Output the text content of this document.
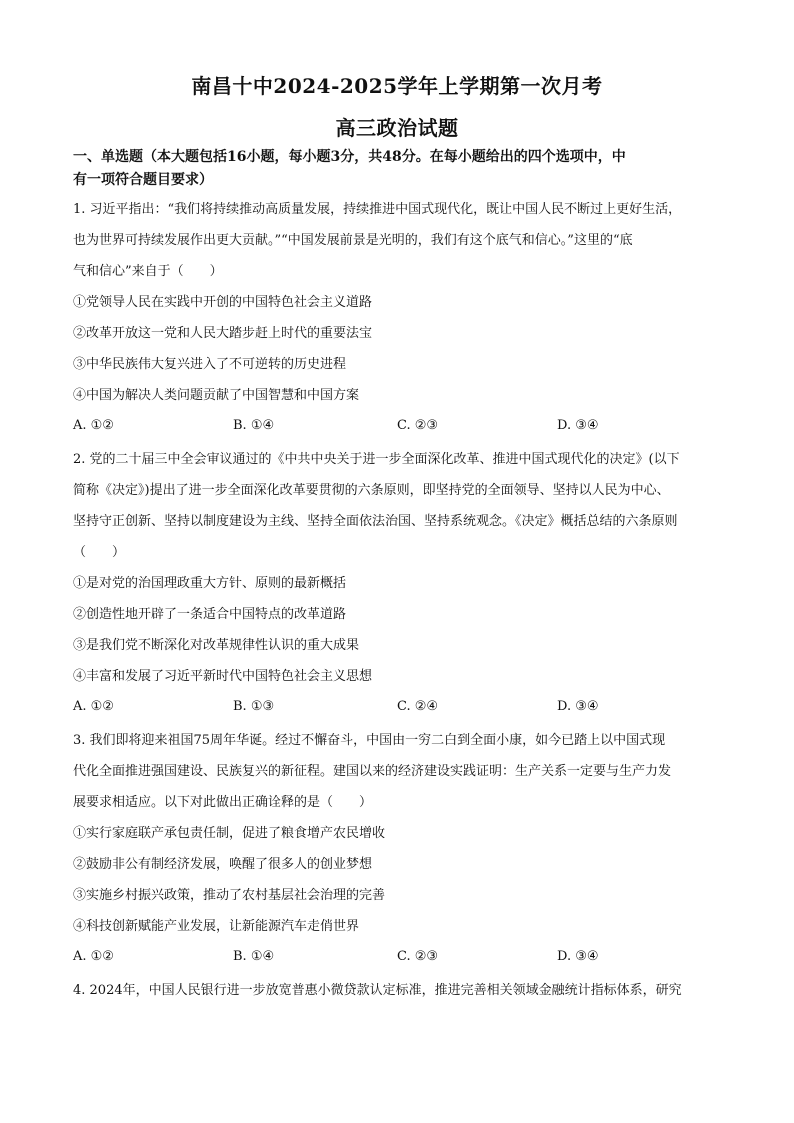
南昌十中2024-2025学年上学期第一次月考
高三政治试题
一、单选题（本大题包括16小题，每小题3分，共48分。在每小题给出的四个选项中，中
有一项符合题目要求）
1. 习近平指出：“我们将持续推动高质量发展，持续推进中国式现代化，既让中国人民不断过上更好生活，
也为世界可持续发展作出更大贡献。”“中国发展前景是光明的，我们有这个底气和信心。”这里的“底
气和信心”来自于（　　）
①党领导人民在实践中开创的中国特色社会主义道路
②改革开放这一党和人民大踏步赶上时代的重要法宝
③中华民族伟大复兴进入了不可逆转的历史进程
④中国为解决人类问题贡献了中国智慧和中国方案
A. ①②	B. ①④	C. ②③	D. ③④
2. 党的二十届三中全会审议通过的《中共中央关于进一步全面深化改革、推进中国式现代化的决定》(以下
简称《决定》)提出了进一步全面深化改革要贯彻的六条原则，即坚持党的全面领导、坚持以人民为中心、
坚持守正创新、坚持以制度建设为主线、坚持全面依法治国、坚持系统观念。《决定》概括总结的六条原则
（　　）
①是对党的治国理政重大方针、原则的最新概括
②创造性地开辟了一条适合中国特点的改革道路
③是我们党不断深化对改革规律性认识的重大成果
④丰富和发展了习近平新时代中国特色社会主义思想
A. ①②	B. ①③	C. ②④	D. ③④
3. 我们即将迎来祖国75周年华诞。经过不懈奋斗，中国由一穷二白到全面小康，如今已踏上以中国式现
代化全面推进强国建设、民族复兴的新征程。建国以来的经济建设实践证明：生产关系一定要与生产力发
展要求相适应。以下对此做出正确诠释的是（　　）
①实行家庭联产承包责任制，促进了粮食增产农民增收
②鼓励非公有制经济发展，唤醒了很多人的创业梦想
③实施乡村振兴政策，推动了农村基层社会治理的完善
④科技创新赋能产业发展，让新能源汽车走俏世界
A. ①②	B. ①④	C. ②③	D. ③④
4. 2024年，中国人民银行进一步放宽普惠小微贷款认定标准，推进完善相关领域金融统计指标体系，研究
